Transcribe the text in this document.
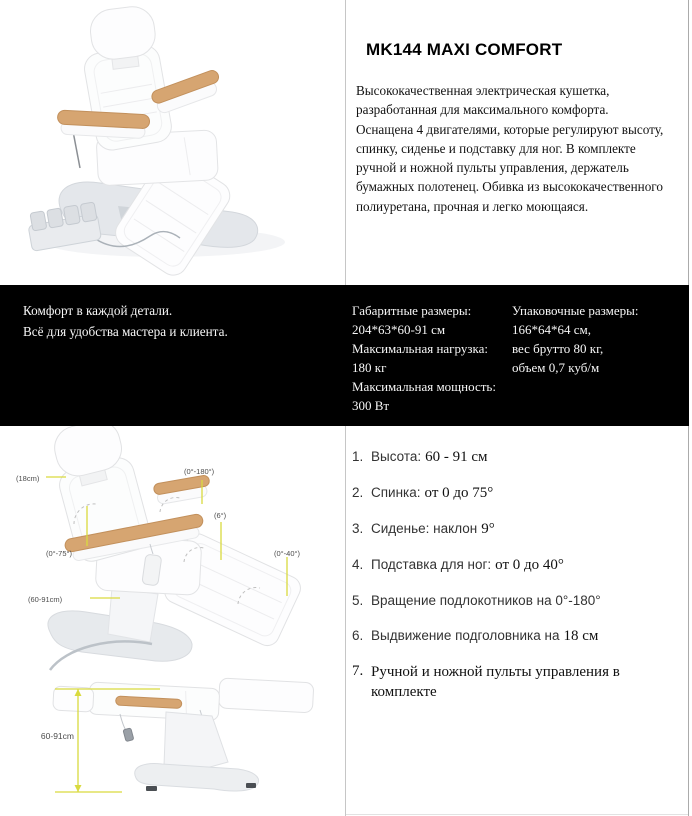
MK144 MAXI COMFORT

Высококачественная электрическая кушетка, разработанная для максимального комфорта.

Оснащена 4 двигателями, которые регулируют высоту, спинку, сиденье и подставку для ног. В комплекте ручной и ножной пульты управления, держатель бумажных полотенец. Обивка из высококачественного полиуретана, прочная и легко моющаяся.

Комфорт в каждой детали.
Всё для удобства мастера и клиента.
Габаритные размеры:
204*63*60-91 см
Максимальная нагрузка:
180 кг
Максимальная мощность:
300 Вт
Упаковочные размеры:
166*64*64 см,
вес брутто 80 кг,
объем 0,7 куб/м
(18cm)
(0°-180°)
(6°)
(0°-75°)	(0°-40°)
(60-91cm)
60-91cm
1. Высота: 60 - 91 см
2. Спинка: от 0 до 75°
3. Сиденье: наклон 9°
4. Подставка для ног: от 0 до 40°
5. Вращение подлокотников на 0°-180°
6. Выдвижение подголовника на 18 см
7. Ручной и ножной пульты управления в комплекте
